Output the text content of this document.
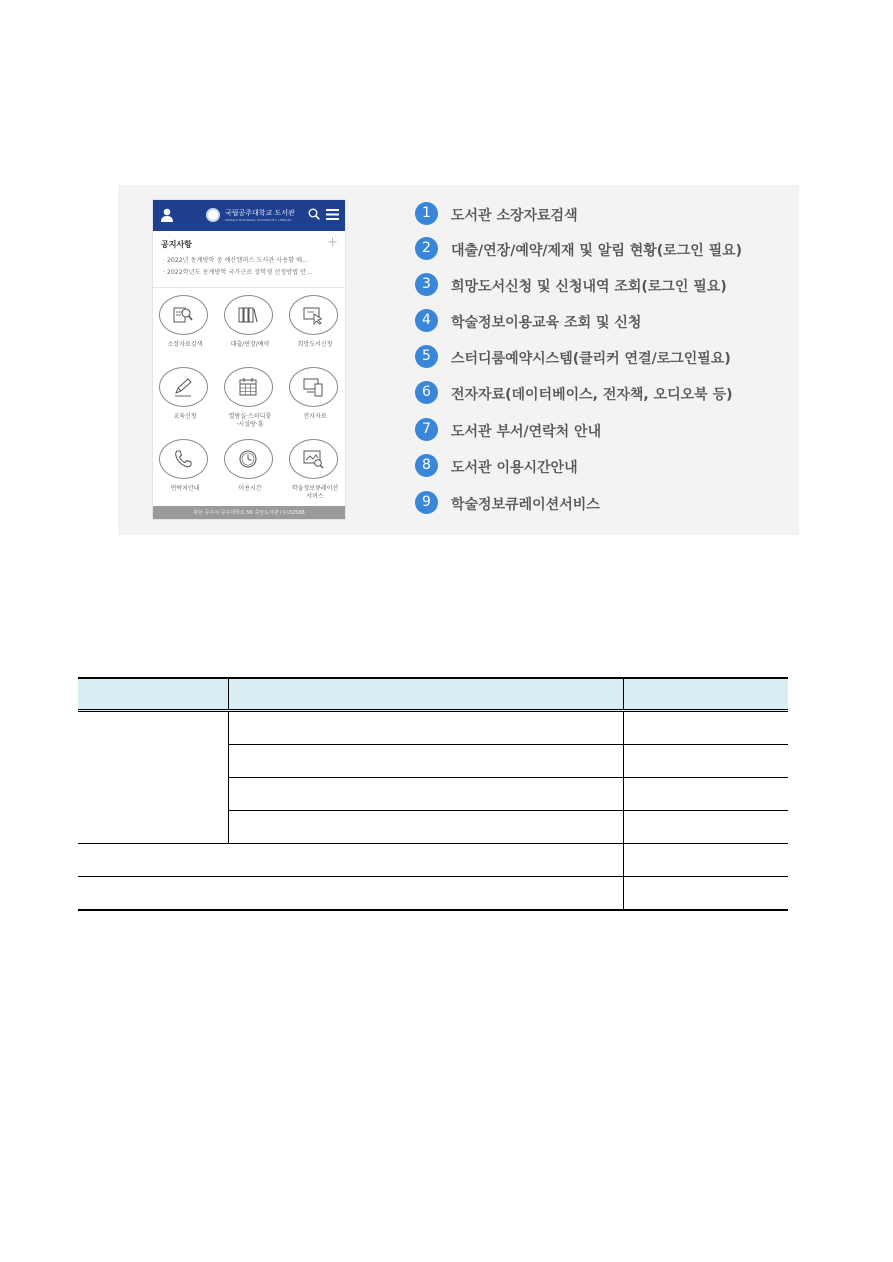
국립공주대학교 도서관
KONGJU NATIONAL UNIVERSITY LIBRARY
공지사항	+
· 2022년 동계방학 중 예산캠퍼스 도서관 사용함 배...
· 2022학년도 동계방학 국가근로 장학생 선정방법 안...
소장자료검색	대출/연장/예약	희망도서신청
교육신청	열람실·스터디룸
·시설랑·흥
전자자료
연락처안내	이용시간	학술정보큐레이션
서비스
충남 공주시 공주대학로 56 중앙도서관 (우)32588
1	도서관 소장자료검색
2	대출/연장/예약/제재 및 알림 현황(로그인 필요)
3	희망도서신청 및 신청내역 조회(로그인 필요)
4	학술정보이용교육 조회 및 신청
5	스터디룸예약시스템(클리커 연결/로그인필요)
6	전자자료(데이터베이스, 전자책, 오디오북 등)
7	도서관 부서/연락처 안내
8	도서관 이용시간안내
9	학술정보큐레이션서비스
